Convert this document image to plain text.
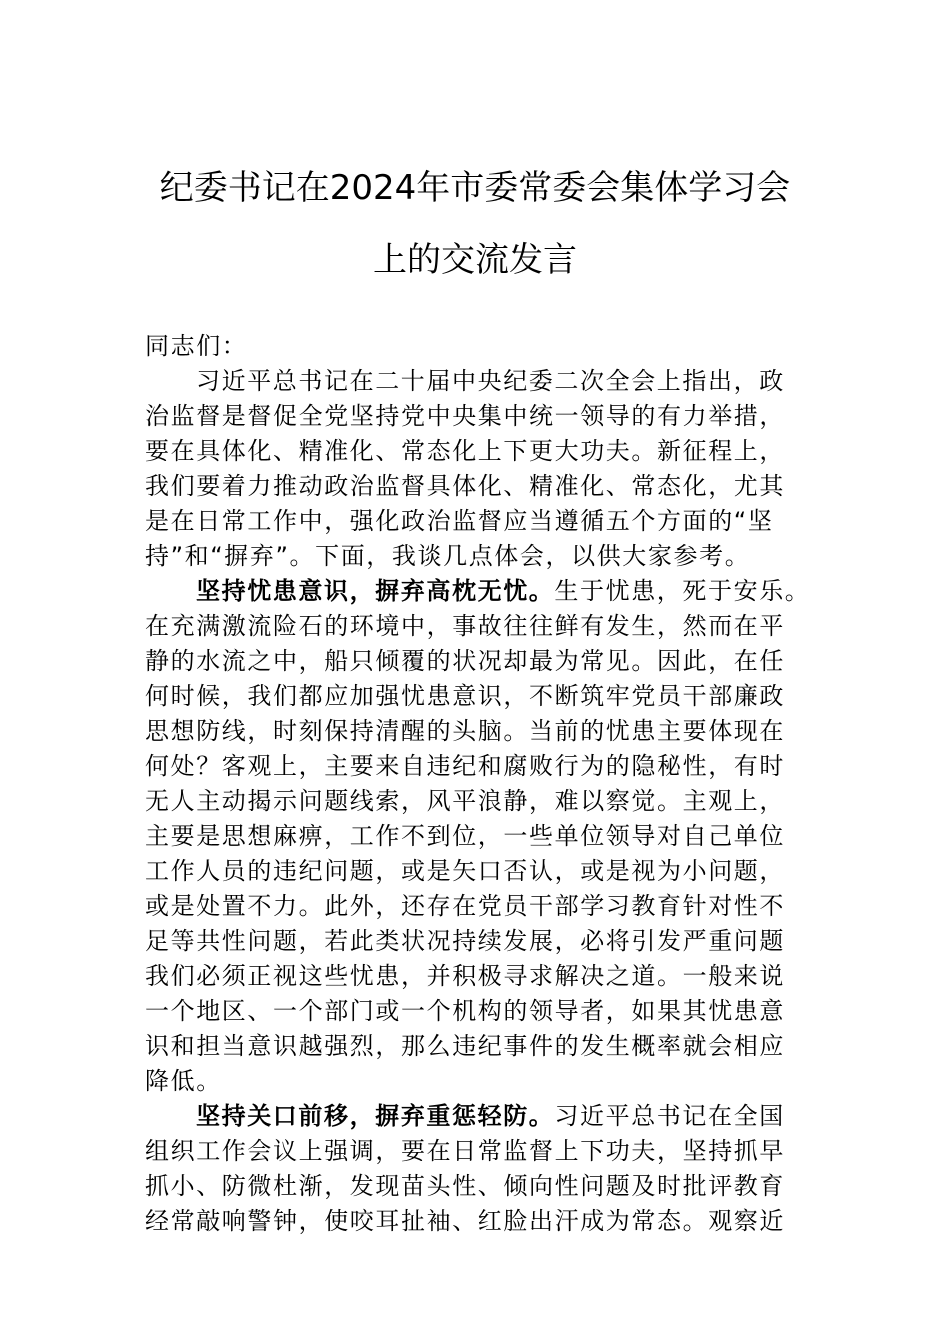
纪委书记在2024年市委常委会集体学习会
上的交流发言
同志们：
习近平总书记在二十届中央纪委二次全会上指出，政
治监督是督促全党坚持党中央集中统一领导的有力举措，
要在具体化、精准化、常态化上下更大功夫。新征程上，
我们要着力推动政治监督具体化、精准化、常态化，尤其
是在日常工作中，强化政治监督应当遵循五个方面的“坚
持”和“摒弃”。下面，我谈几点体会，以供大家参考。
坚持忧患意识，摒弃高枕无忧。生于忧患，死于安乐。
在充满激流险石的环境中，事故往往鲜有发生，然而在平
静的水流之中，船只倾覆的状况却最为常见。因此，在任
何时候，我们都应加强忧患意识，不断筑牢党员干部廉政
思想防线，时刻保持清醒的头脑。当前的忧患主要体现在
何处？客观上，主要来自违纪和腐败行为的隐秘性，有时
无人主动揭示问题线索，风平浪静，难以察觉。主观上，
主要是思想麻痹，工作不到位，一些单位领导对自己单位
工作人员的违纪问题，或是矢口否认，或是视为小问题，
或是处置不力。此外，还存在党员干部学习教育针对性不
足等共性问题，若此类状况持续发展，必将引发严重问题
我们必须正视这些忧患，并积极寻求解决之道。一般来说
一个地区、一个部门或一个机构的领导者，如果其忧患意
识和担当意识越强烈，那么违纪事件的发生概率就会相应
降低。
坚持关口前移，摒弃重惩轻防。习近平总书记在全国
组织工作会议上强调，要在日常监督上下功夫，坚持抓早
抓小、防微杜渐，发现苗头性、倾向性问题及时批评教育
经常敲响警钟，使咬耳扯袖、红脸出汗成为常态。观察近
